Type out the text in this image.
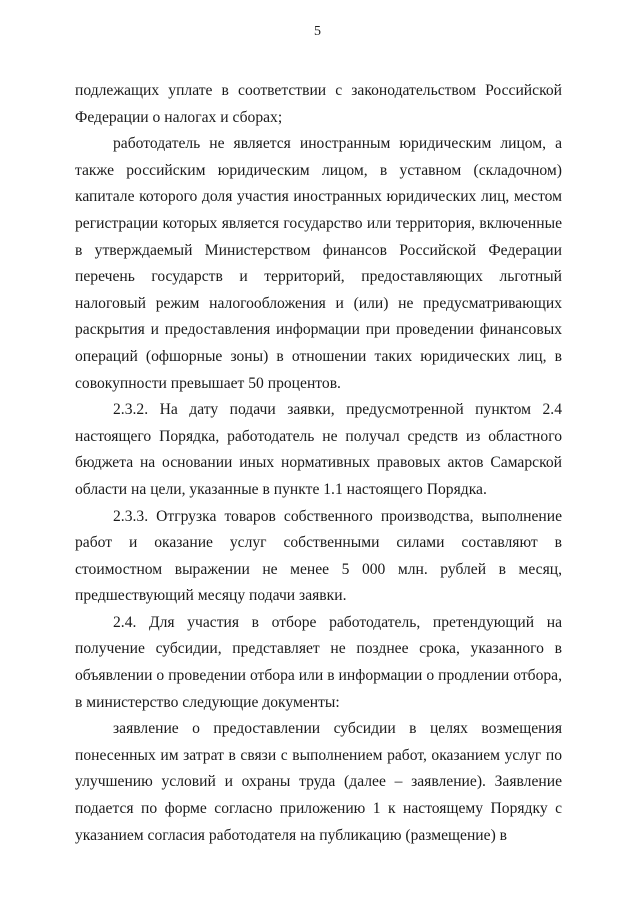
5

подлежащих уплате в соответствии с законодательством Российской Федерации о налогах и сборах;

работодатель не является иностранным юридическим лицом, а также российским юридическим лицом, в уставном (складочном) капитале которого доля участия иностранных юридических лиц, местом регистрации которых является государство или территория, включенные в утверждаемый Министерством финансов Российской Федерации перечень государств и территорий, предоставляющих льготный налоговый режим налогообложения и (или) не предусматривающих раскрытия и предоставления информации при проведении финансовых операций (офшорные зоны) в отношении таких юридических лиц, в совокупности превышает 50 процентов.

2.3.2. На дату подачи заявки, предусмотренной пунктом 2.4 настоящего Порядка, работодатель не получал средств из областного бюджета на основании иных нормативных правовых актов Самарской области на цели, указанные в пункте 1.1 настоящего Порядка.

2.3.3. Отгрузка товаров собственного производства, выполнение работ и оказание услуг собственными силами составляют в стоимостном выражении не менее 5 000 млн. рублей в месяц, предшествующий месяцу подачи заявки.

2.4. Для участия в отборе работодатель, претендующий на получение субсидии, представляет не позднее срока, указанного в объявлении о проведении отбора или в информации о продлении отбора, в министерство следующие документы:

заявление о предоставлении субсидии в целях возмещения понесенных им затрат в связи с выполнением работ, оказанием услуг по улучшению условий и охраны труда (далее – заявление). Заявление подается по форме согласно приложению 1 к настоящему Порядку с указанием согласия работодателя на публикацию (размещение) в
